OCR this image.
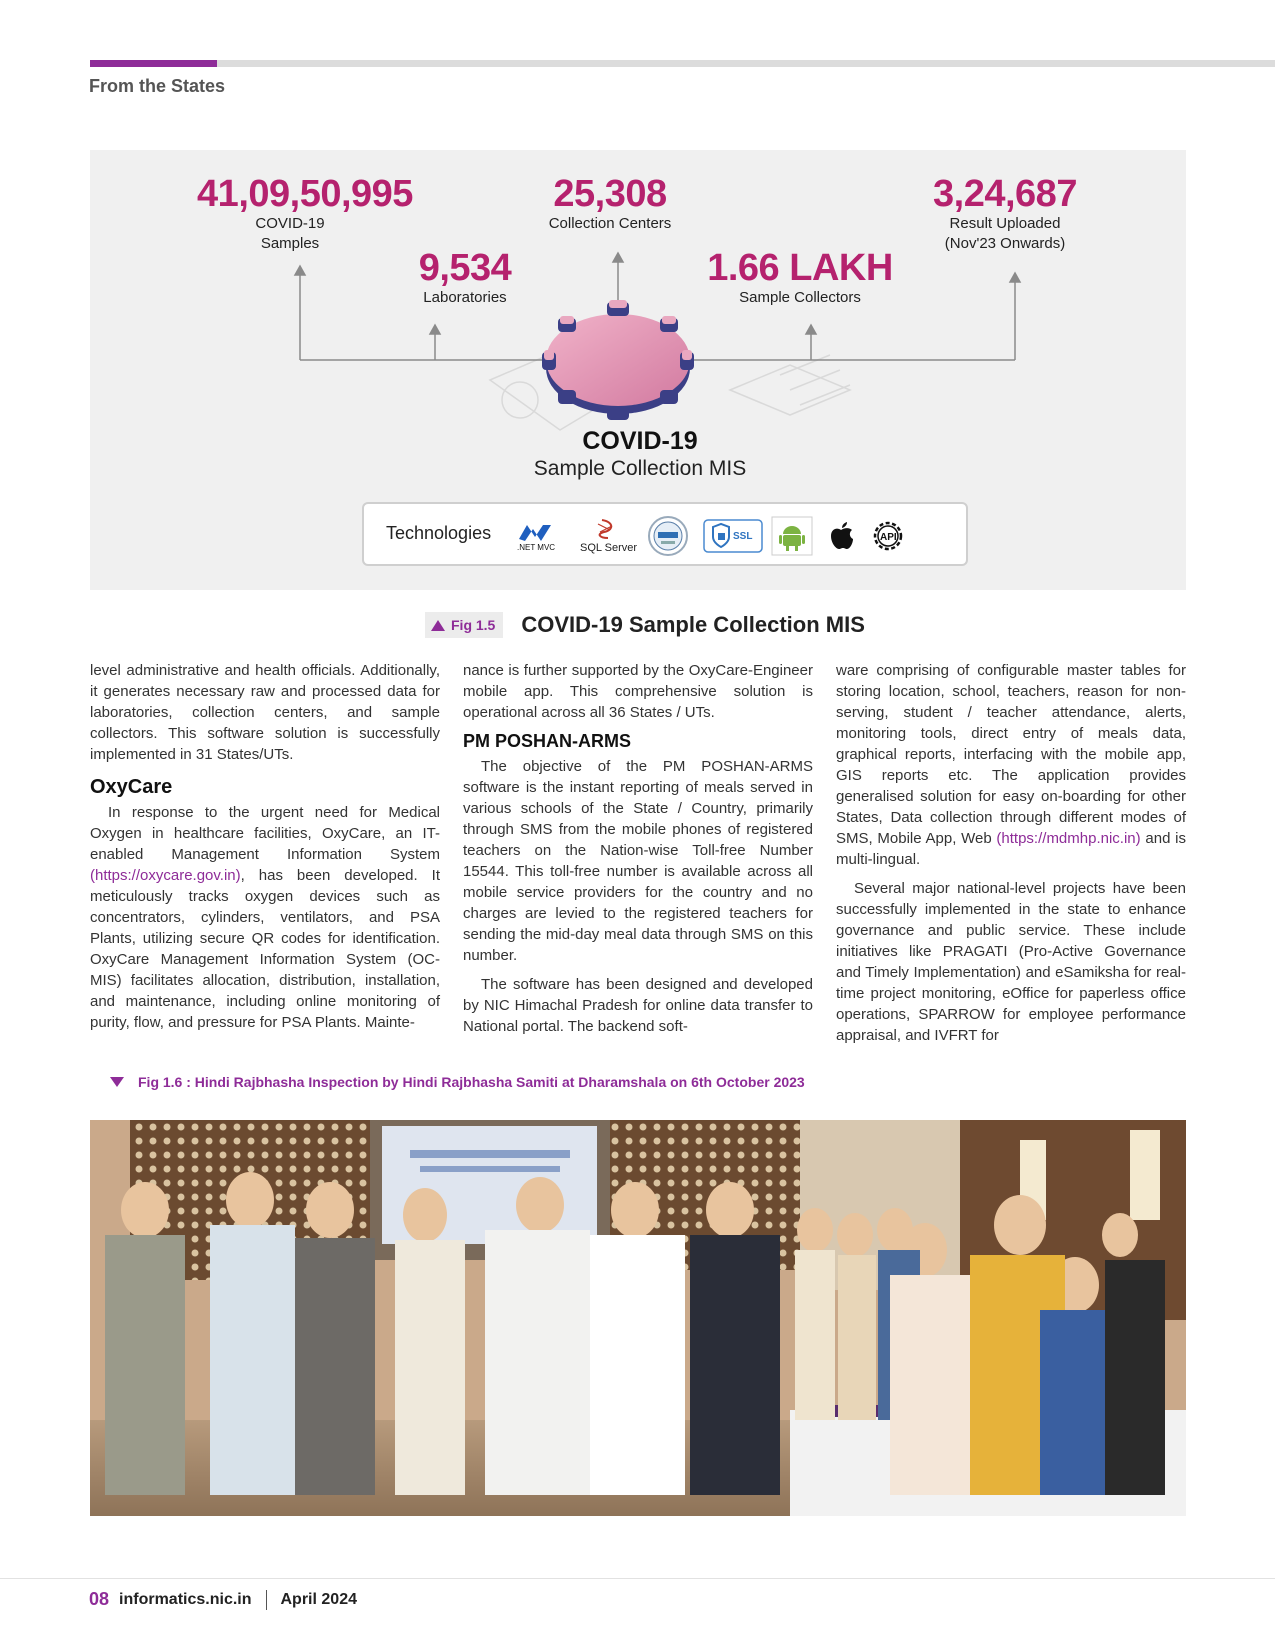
From the States
41,09,50,995
COVID-19
Samples
25,308
Collection Centers
3,24,687
Result Uploaded
(Nov'23 Onwards)
9,534
Laboratories
1.66 LAKH
Sample Collectors
COVID-19
Sample Collection MIS
Technologies
.NET MVC SQL Server
SSL	API
Fig 1.5 COVID-19 Sample Collection MIS

level administrative and health officials. Additionally, it generates necessary raw and processed data for laboratories, collection centers, and sample collectors. This software solution is successfully implemented in 31 States/UTs.

OxyCare

In response to the urgent need for Medical Oxygen in healthcare facilities, OxyCare, an IT-enabled Management Information System (https://oxycare.gov.in), has been developed. It meticulously tracks oxygen devices such as concentrators, cylinders, ventilators, and PSA Plants, utilizing secure QR codes for identification. OxyCare Management Information System (OC-MIS) facilitates allocation, distribution, installation, and maintenance, including online monitoring of purity, flow, and pressure for PSA Plants. Mainte-

nance is further supported by the OxyCare-Engineer mobile app. This comprehensive solution is operational across all 36 States / UTs.

PM POSHAN-ARMS

The objective of the PM POSHAN-ARMS software is the instant reporting of meals served in various schools of the State / Country, primarily through SMS from the mobile phones of registered teachers on the Nation-wise Toll-free Number 15544. This toll-free number is available across all mobile service providers for the country and no charges are levied to the registered teachers for sending the mid-day meal data through SMS on this number.

The software has been designed and developed by NIC Himachal Pradesh for online data transfer to National portal. The backend soft-

ware comprising of configurable master tables for storing location, school, teachers, reason for non-serving, student / teacher attendance, alerts, monitoring tools, direct entry of meals data, graphical reports, interfacing with the mobile app, GIS reports etc. The application provides generalised solution for easy on-boarding for other States, Data collection through different modes of SMS, Mobile App, Web (https://mdmhp.nic.in) and is multi-lingual.

Several major national-level projects have been successfully implemented in the state to enhance governance and public service. These include initiatives like PRAGATI (Pro-Active Governance and Timely Implementation) and eSamiksha for real-time project monitoring, eOffice for paperless office operations, SPARROW for employee performance appraisal, and IVFRT for

Fig 1.6 : Hindi Rajbhasha Inspection by Hindi Rajbhasha Samiti at Dharamshala on 6th October 2023
08 informatics.nic.in April 2024
